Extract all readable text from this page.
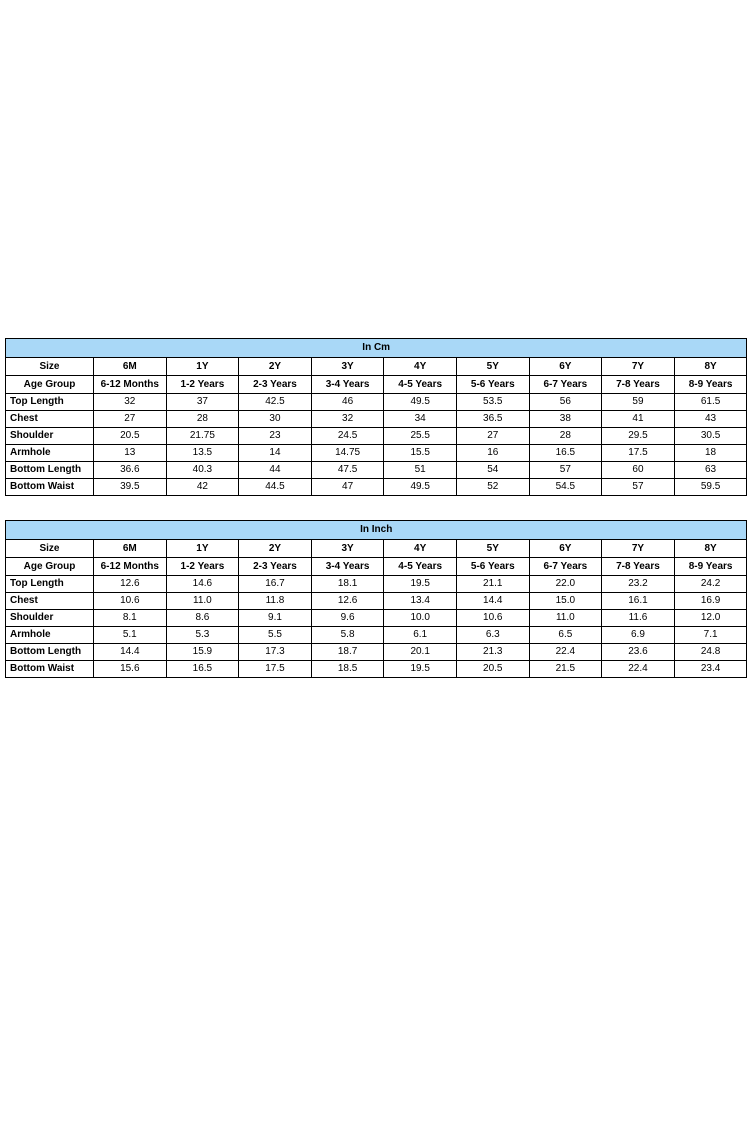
In Cm									
Size	6M	1Y	2Y	3Y	4Y	5Y	6Y	7Y	8Y
Age Group	6-12 Months	1-2 Years	2-3 Years	3-4 Years	4-5 Years	5-6 Years	6-7 Years	7-8 Years	8-9 Years
Top Length	32	37	42.5	46	49.5	53.5	56	59	61.5
Chest	27	28	30	32	34	36.5	38	41	43
Shoulder	20.5	21.75	23	24.5	25.5	27	28	29.5	30.5
Armhole	13	13.5	14	14.75	15.5	16	16.5	17.5	18
Bottom Length	36.6	40.3	44	47.5	51	54	57	60	63
Bottom Waist	39.5	42	44.5	47	49.5	52	54.5	57	59.5
In Inch									
Size	6M	1Y	2Y	3Y	4Y	5Y	6Y	7Y	8Y
Age Group	6-12 Months	1-2 Years	2-3 Years	3-4 Years	4-5 Years	5-6 Years	6-7 Years	7-8 Years	8-9 Years
Top Length	12.6	14.6	16.7	18.1	19.5	21.1	22.0	23.2	24.2
Chest	10.6	11.0	11.8	12.6	13.4	14.4	15.0	16.1	16.9
Shoulder	8.1	8.6	9.1	9.6	10.0	10.6	11.0	11.6	12.0
Armhole	5.1	5.3	5.5	5.8	6.1	6.3	6.5	6.9	7.1
Bottom Length	14.4	15.9	17.3	18.7	20.1	21.3	22.4	23.6	24.8
Bottom Waist	15.6	16.5	17.5	18.5	19.5	20.5	21.5	22.4	23.4
